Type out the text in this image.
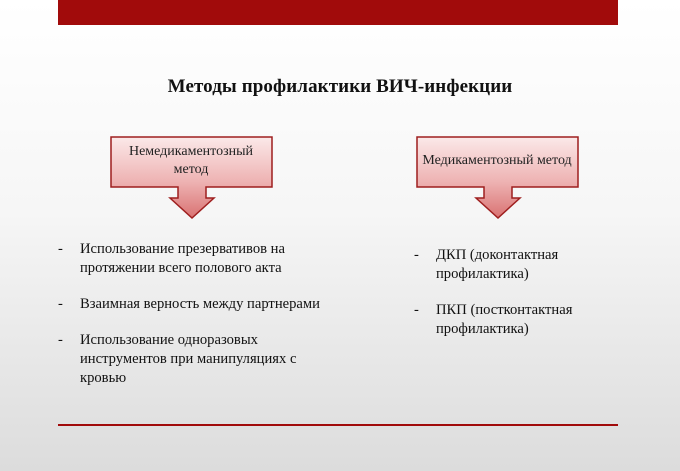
Методы профилактики ВИЧ-инфекции
Немедикаментозный метод
Медикаментозный метод
- Использование презервативов на протяжении всего полового акта
- Взаимная верность между партнерами
- Использование одноразовых инструментов при манипуляциях с кровью
- ДКП (доконтактная профилактика)
- ПКП (постконтактная профилактика)
